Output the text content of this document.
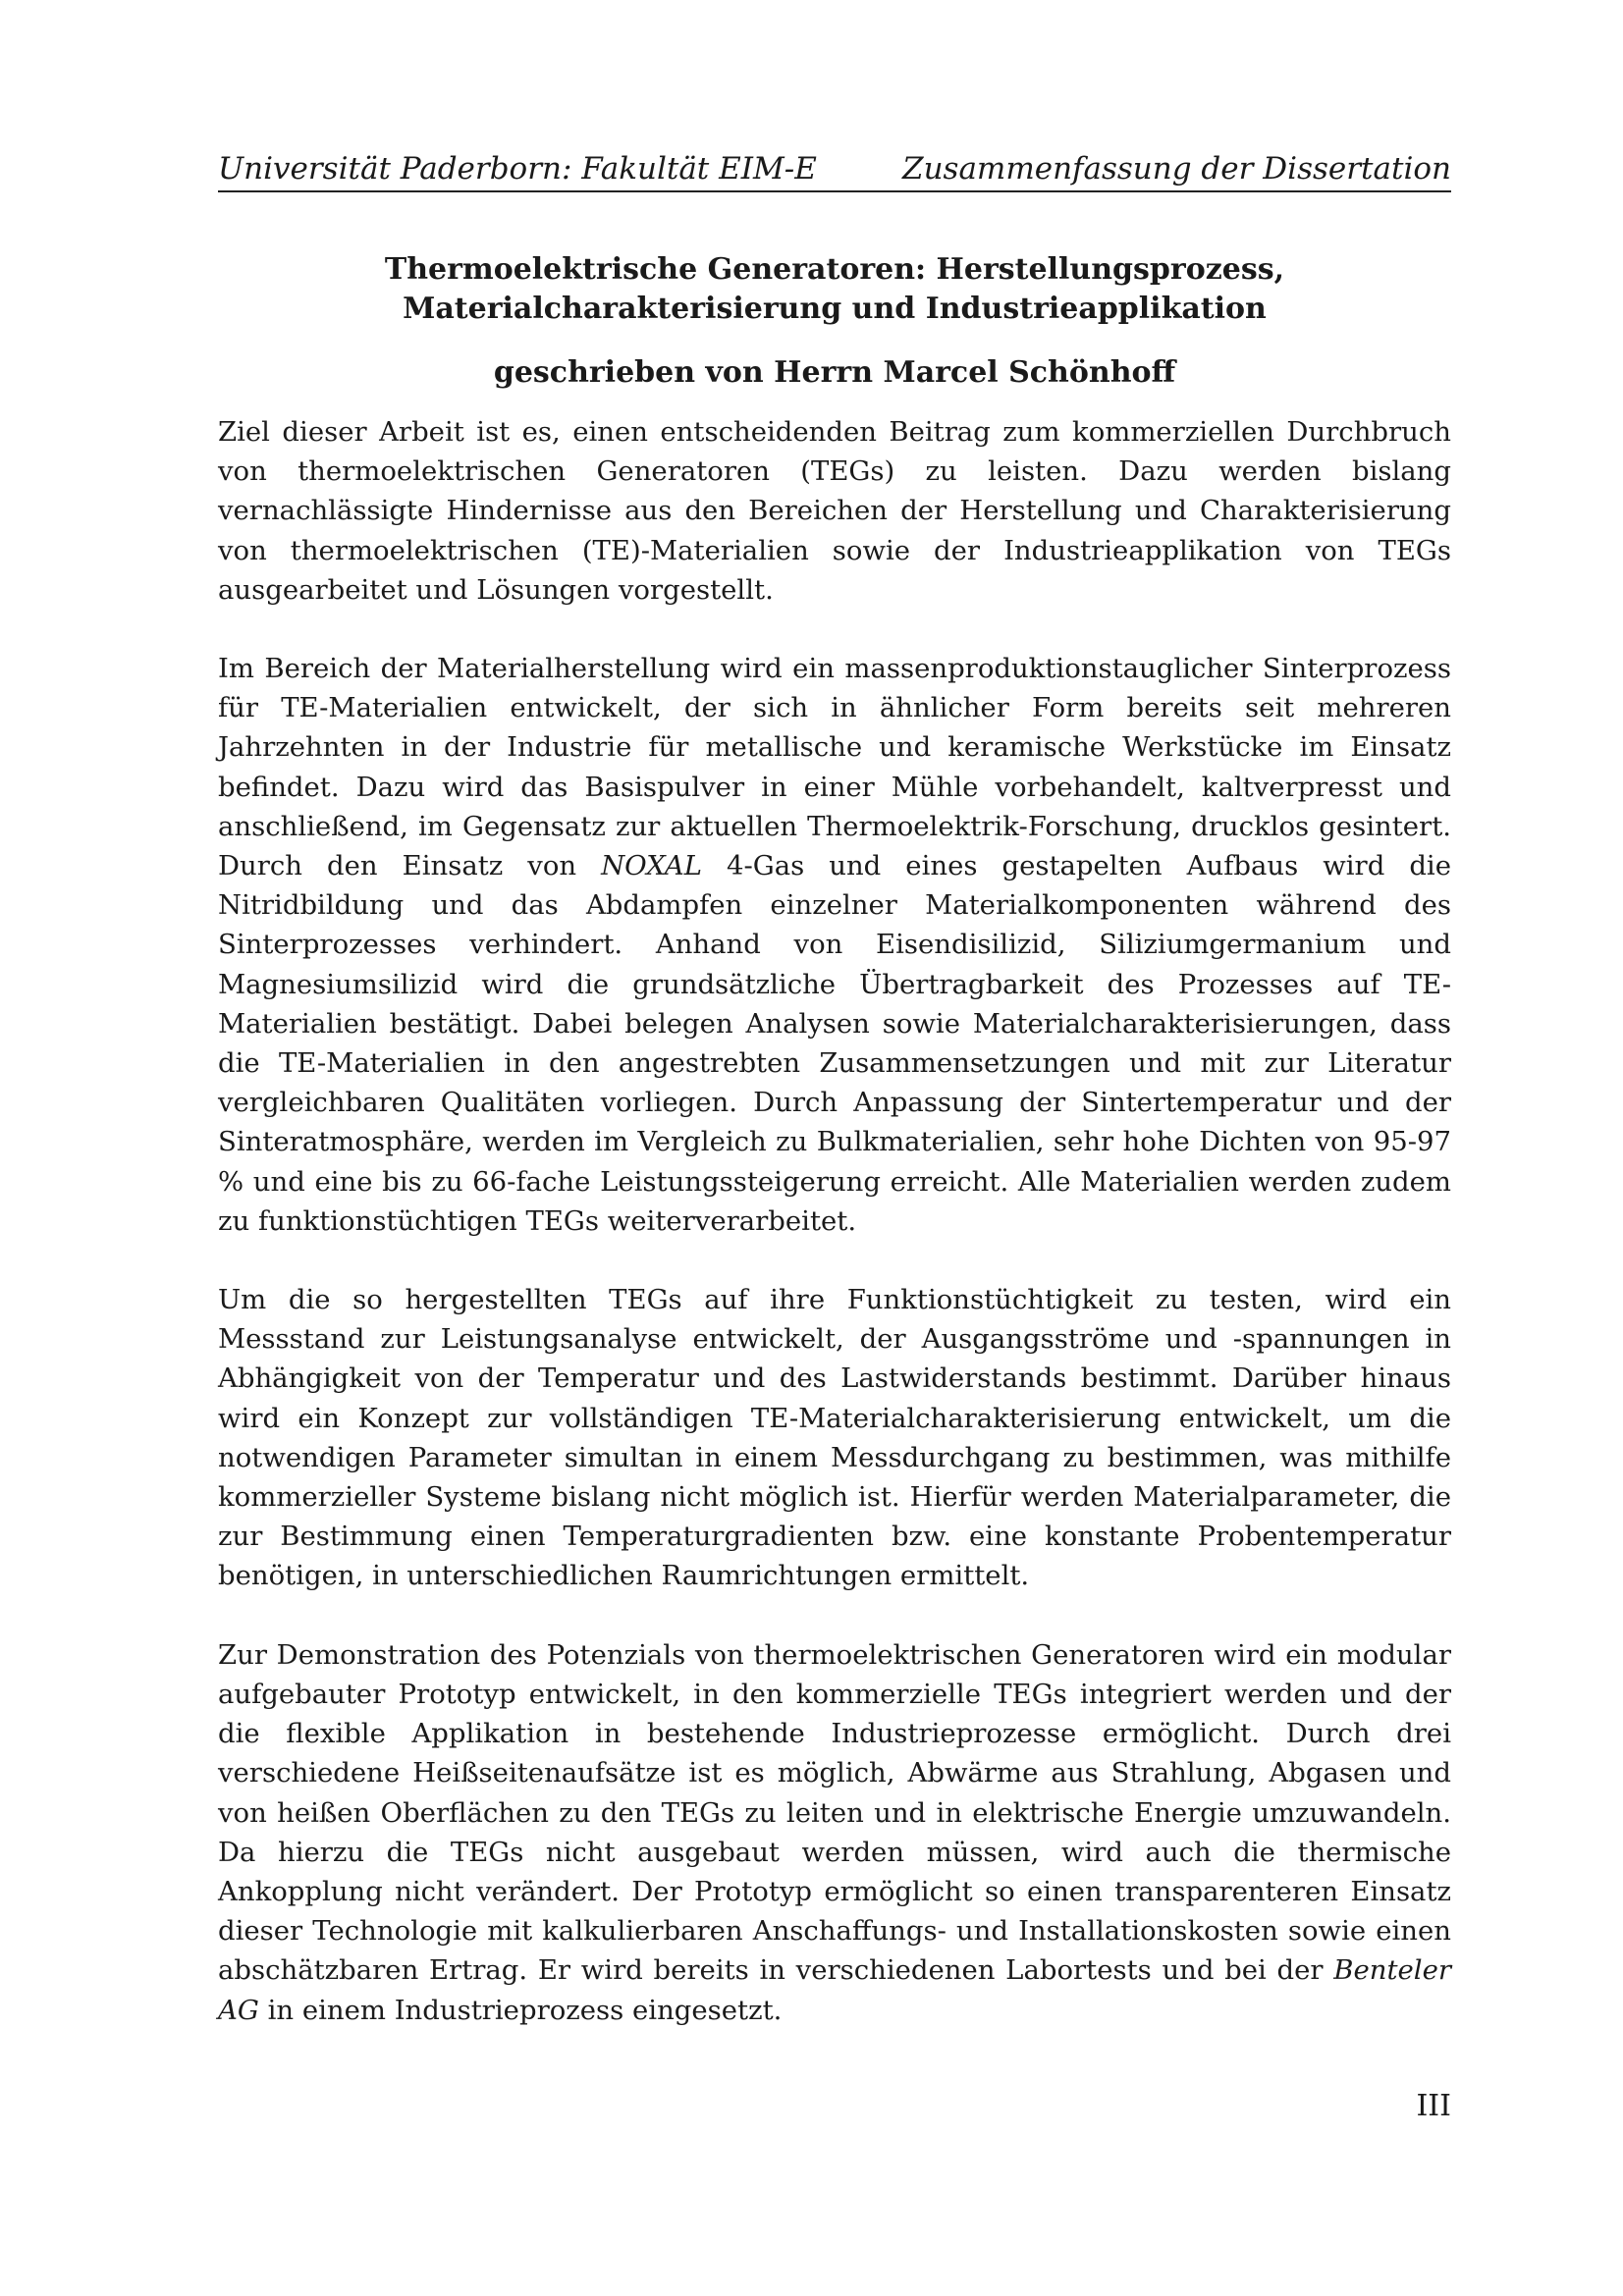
Universität Paderborn: Fakultät EIM-E	Zusammenfassung der Dissertation
Thermoelektrische Generatoren: Herstellungsprozess,
Materialcharakterisierung und Industrieapplikation
geschrieben von Herrn Marcel Schönhoff

Ziel dieser Arbeit ist es, einen entscheidenden Beitrag zum kommerziellen Durchbruch von thermoelektrischen Generatoren (TEGs) zu leisten. Dazu werden bislang vernachlässigte Hindernisse aus den Bereichen der Herstellung und Charakterisierung von thermoelektrischen (TE)-Materialien sowie der Industrieapplikation von TEGs ausgearbeitet und Lösungen vorgestellt.

Im Bereich der Materialherstellung wird ein massenproduktionstauglicher Sinterprozess für TE-Materialien entwickelt, der sich in ähnlicher Form bereits seit mehreren Jahrzehnten in der Industrie für metallische und keramische Werkstücke im Einsatz befindet. Dazu wird das Basispulver in einer Mühle vorbehandelt, kaltverpresst und anschließend, im Gegensatz zur aktuellen Thermoelektrik-Forschung, drucklos gesintert. Durch den Einsatz von NOXAL 4-Gas und eines gestapelten Aufbaus wird die Nitridbildung und das Abdampfen einzelner Materialkomponenten während des Sinterprozesses verhindert. Anhand von Eisendisilizid, Siliziumgermanium und Magnesiumsilizid wird die grundsätzliche Übertragbarkeit des Prozesses auf TE-Materialien bestätigt. Dabei belegen Analysen sowie Materialcharakterisierungen, dass die TE-Materialien in den angestrebten Zusammensetzungen und mit zur Literatur vergleichbaren Qualitäten vorliegen. Durch Anpassung der Sintertemperatur und der Sinteratmosphäre, werden im Vergleich zu Bulkmaterialien, sehr hohe Dichten von 95-97 % und eine bis zu 66-fache Leistungssteigerung erreicht. Alle Materialien werden zudem zu funktionstüchtigen TEGs weiterverarbeitet.

Um die so hergestellten TEGs auf ihre Funktionstüchtigkeit zu testen, wird ein Messstand zur Leistungsanalyse entwickelt, der Ausgangsströme und -spannungen in Abhängigkeit von der Temperatur und des Lastwiderstands bestimmt. Darüber hinaus wird ein Konzept zur vollständigen TE-Materialcharakterisierung entwickelt, um die notwendigen Parameter simultan in einem Messdurchgang zu bestimmen, was mithilfe kommerzieller Systeme bislang nicht möglich ist. Hierfür werden Materialparameter, die zur Bestimmung einen Temperaturgradienten bzw. eine konstante Probentemperatur benötigen, in unterschiedlichen Raumrichtungen ermittelt.

Zur Demonstration des Potenzials von thermoelektrischen Generatoren wird ein modular aufgebauter Prototyp entwickelt, in den kommerzielle TEGs integriert werden und der die flexible Applikation in bestehende Industrieprozesse ermöglicht. Durch drei verschiedene Heißseitenaufsätze ist es möglich, Abwärme aus Strahlung, Abgasen und von heißen Oberflächen zu den TEGs zu leiten und in elektrische Energie umzuwandeln. Da hierzu die TEGs nicht ausgebaut werden müssen, wird auch die thermische Ankopplung nicht verändert. Der Prototyp ermöglicht so einen transparenteren Einsatz dieser Technologie mit kalkulierbaren Anschaffungs- und Installationskosten sowie einen abschätzbaren Ertrag. Er wird bereits in verschiedenen Labortests und bei der Benteler AG in einem Industrieprozess eingesetzt.

III
